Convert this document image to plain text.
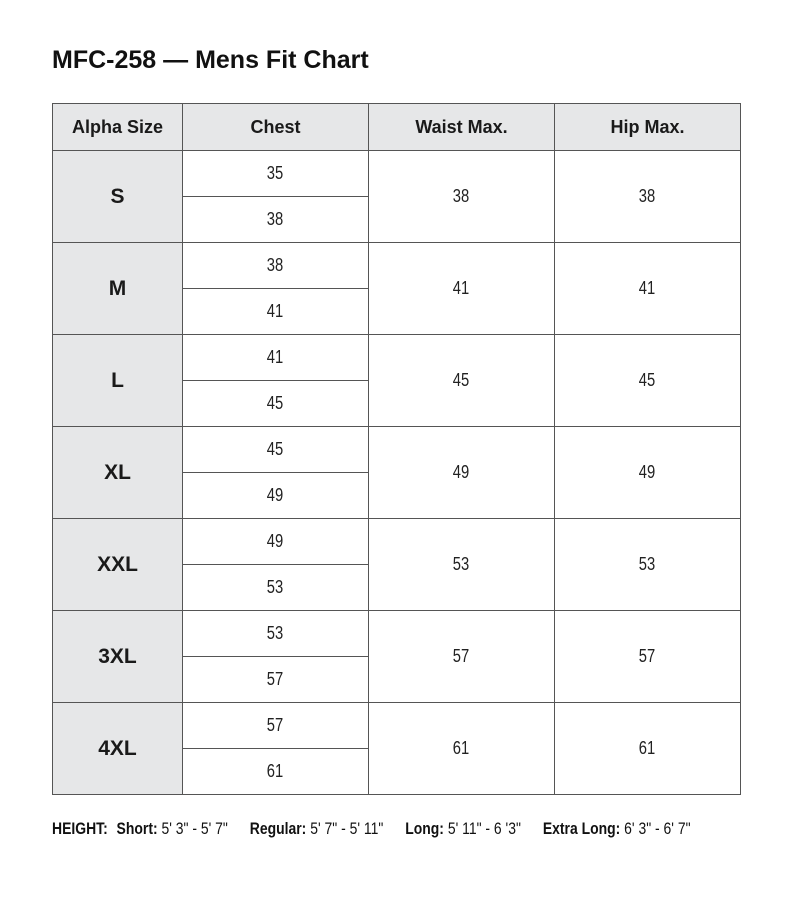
MFC-258 — Mens Fit Chart
Alpha Size	Chest	Waist Max.	Hip Max.
S	35	38	38
	38		
M	38	41	41
	41		
L	41	45	45
	45		
XL	45	49	49
	49		
XXL	49	53	53
	53		
3XL	53	57	57
	57		
4XL	57	61	61
	61		
HEIGHT: Short: 5' 3" - 5' 7" Regular: 5' 7" - 5' 11" Long: 5' 11" - 6 '3" Extra Long: 6' 3" - 6' 7"
